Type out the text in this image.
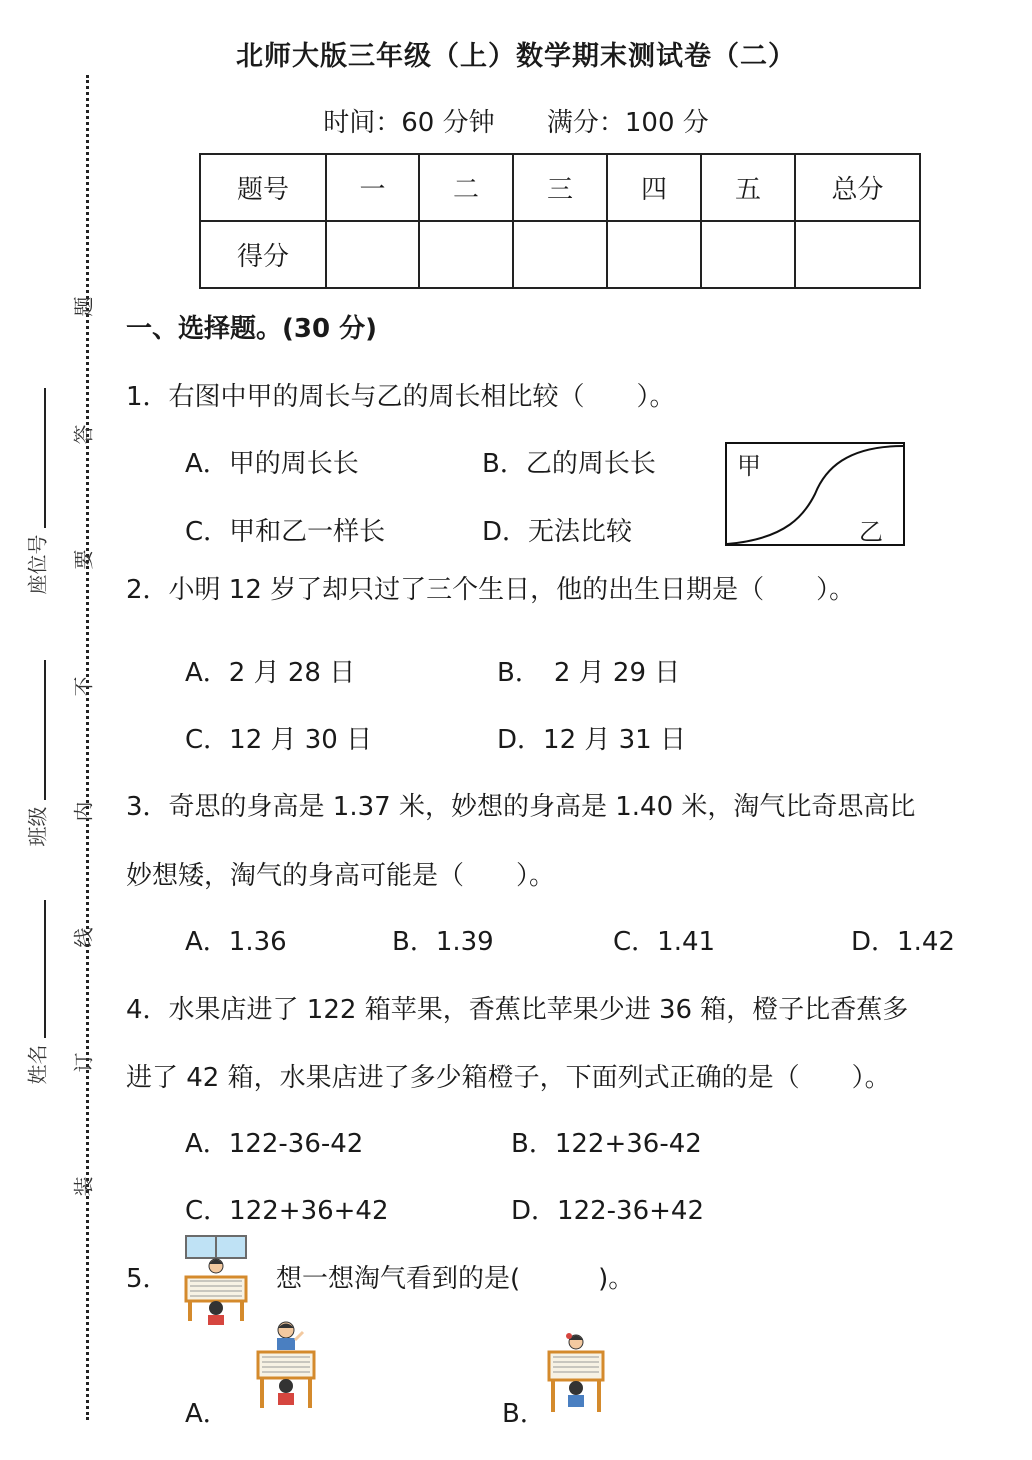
北师大版三年级（上）数学期末测试卷（二）
时间：60 分钟 满分：100 分
题号	一	二	三	四	五	总分
得分						
题
答
要
不
内
线
订
装
座位号
班级
姓名
一、选择题。(30 分)
1．右图中甲的周长与乙的周长相比较（　　）。
A．甲的周长长	B．乙的周长长
C．甲和乙一样长	D．无法比较
甲
乙
2．小明 12 岁了却只过了三个生日，他的出生日期是（　　）。
A．2 月 28 日	B．　2 月 29 日
C．12 月 30 日	D．12 月 31 日
3．奇思的身高是 1.37 米，妙想的身高是 1.40 米，淘气比奇思高比
妙想矮，淘气的身高可能是（　　）。
A．1.36	B．1.39	C．1.41	D．1.42
4．水果店进了 122 箱苹果，香蕉比苹果少进 36 箱，橙子比香蕉多
进了 42 箱，水果店进了多少箱橙子，下面列式正确的是（　　）。
A．122-36-42	B．122+36-42
C．122+36+42	D．122-36+42
5．	想一想淘气看到的是(　　　)。
A．	B．
